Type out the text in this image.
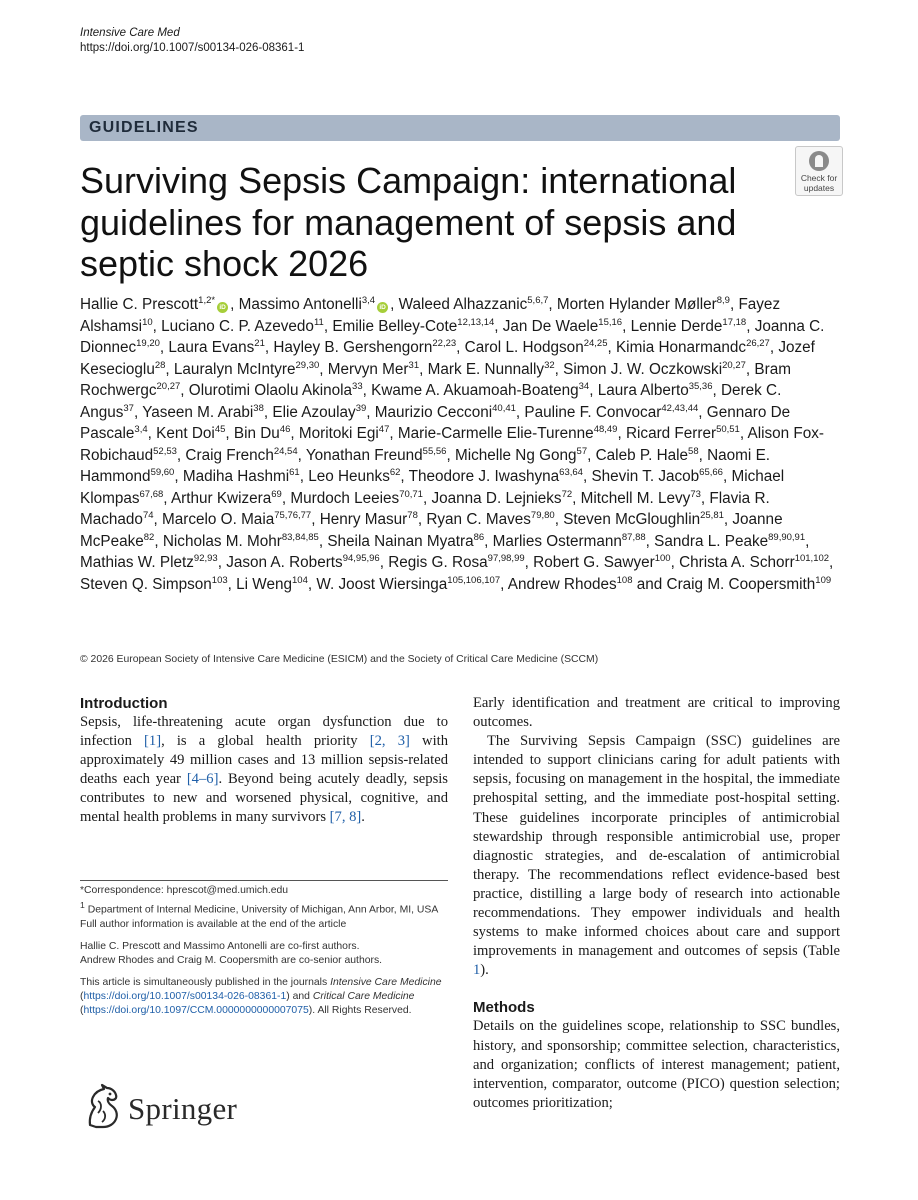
Intensive Care Med
https://doi.org/10.1007/s00134-026-08361-1
GUIDELINES
Check for
updates
Surviving Sepsis Campaign: international guidelines for management of sepsis and septic shock 2026

Hallie C. Prescott$^{1,2*}$iD , Massimo Antonelli$^{3,4}$iD , Waleed Alhazzanic$^{5,6,7}$, Morten Hylander Møller$^{8,9}$, Fayez Alshamsi$^{10}$, Luciano C. P. Azevedo$^{11}$, Emilie Belley-Cote$^{12,13,14}$, Jan De Waele$^{15,16}$, Lennie Derde$^{17,18}$, Joanna C. Dionnec$^{19,20}$, Laura Evans$^{21}$, Hayley B. Gershengorn$^{22,23}$, Carol L. Hodgson$^{24,25}$, Kimia Honarmandc$^{26,27}$, Jozef Kesecioglu$^{28}$, Lauralyn McIntyre$^{29,30}$, Mervyn Mer$^{31}$, Mark E. Nunnally$^{32}$, Simon J. W. Oczkowski$^{20,27}$, Bram Rochwergc$^{20,27}$, Olurotimi Olaolu Akinola$^{33}$, Kwame A. Akuamoah-Boateng$^{34}$, Laura Alberto$^{35,36}$, Derek C. Angus$^{37}$, Yaseen M. Arabi$^{38}$, Elie Azoulay$^{39}$, Maurizio Cecconi$^{40,41}$, Pauline F. Convocar$^{42,43,44}$, Gennaro De Pascale$^{3,4}$, Kent Doi$^{45}$, Bin Du$^{46}$, Moritoki Egi$^{47}$, Marie-Carmelle Elie-Turenne$^{48,49}$, Ricard Ferrer$^{50,51}$, Alison Fox-Robichaud$^{52,53}$, Craig French$^{24,54}$, Yonathan Freund$^{55,56}$, Michelle Ng Gong$^{57}$, Caleb P. Hale$^{58}$, Naomi E. Hammond$^{59,60}$, Madiha Hashmi$^{61}$, Leo Heunks$^{62}$, Theodore J. Iwashyna$^{63,64}$, Shevin T. Jacob$^{65,66}$, Michael Klompas$^{67,68}$, Arthur Kwizera$^{69}$, Murdoch Leeies$^{70,71}$, Joanna D. Lejnieks$^{72}$, Mitchell M. Levy$^{73}$, Flavia R. Machado$^{74}$, Marcelo O. Maia$^{75,76,77}$, Henry Masur$^{78}$, Ryan C. Maves$^{79,80}$, Steven McGloughlin$^{25,81}$, Joanne McPeake$^{82}$, Nicholas M. Mohr$^{83,84,85}$, Sheila Nainan Myatra$^{86}$, Marlies Ostermann$^{87,88}$, Sandra L. Peake$^{89,90,91}$, Mathias W. Pletz$^{92,93}$, Jason A. Roberts$^{94,95,96}$, Regis G. Rosa$^{97,98,99}$, Robert G. Sawyer$^{100}$, Christa A. Schorr$^{101,102}$, Steven Q. Simpson$^{103}$, Li Weng$^{104}$, W. Joost Wiersinga$^{105,106,107}$, Andrew Rhodes$^{108}$ and Craig M. Coopersmith$^{109}$

© 2026 European Society of Intensive Care Medicine (ESICM) and the Society of Critical Care Medicine (SCCM)

Introduction

Sepsis, life-threatening acute organ dysfunction due to infection [1], is a global health priority [2, 3] with approximately 49 million cases and 13 million sepsis-related deaths each year [4–6]. Beyond being acutely deadly, sepsis contributes to new and worsened physical, cognitive, and mental health problems in many survivors [7, 8].

*Correspondence: hprescot@med.umich.edu

$^1$ Department of Internal Medicine, University of Michigan, Ann Arbor, MI, USA

Full author information is available at the end of the article

Hallie C. Prescott and Massimo Antonelli are co-first authors.

Andrew Rhodes and Craig M. Coopersmith are co-senior authors.

This article is simultaneously published in the journals Intensive Care Medicine (https://doi.org/10.1007/s00134-026-08361-1) and Critical Care Medicine (https://doi.org/10.1097/CCM.0000000000007075). All Rights Reserved.

Springer

Early identification and treatment are critical to improving outcomes.

The Surviving Sepsis Campaign (SSC) guidelines are intended to support clinicians caring for adult patients with sepsis, focusing on management in the hospital, the immediate prehospital setting, and the immediate post-hospital setting. These guidelines incorporate principles of antimicrobial stewardship through responsible antimicrobial use, proper diagnostic strategies, and de-escalation of antimicrobial therapy. The recommendations reflect evidence-based best practice, distilling a large body of research into actionable recommendations. They empower individuals and health systems to make informed choices about care and support improvements in management and outcomes of sepsis (Table 1).

Methods

Details on the guidelines scope, relationship to SSC bundles, history, and sponsorship; committee selection, characteristics, and organization; conflicts of interest management; patient, intervention, comparator, outcome (PICO) question selection; outcomes prioritization;
